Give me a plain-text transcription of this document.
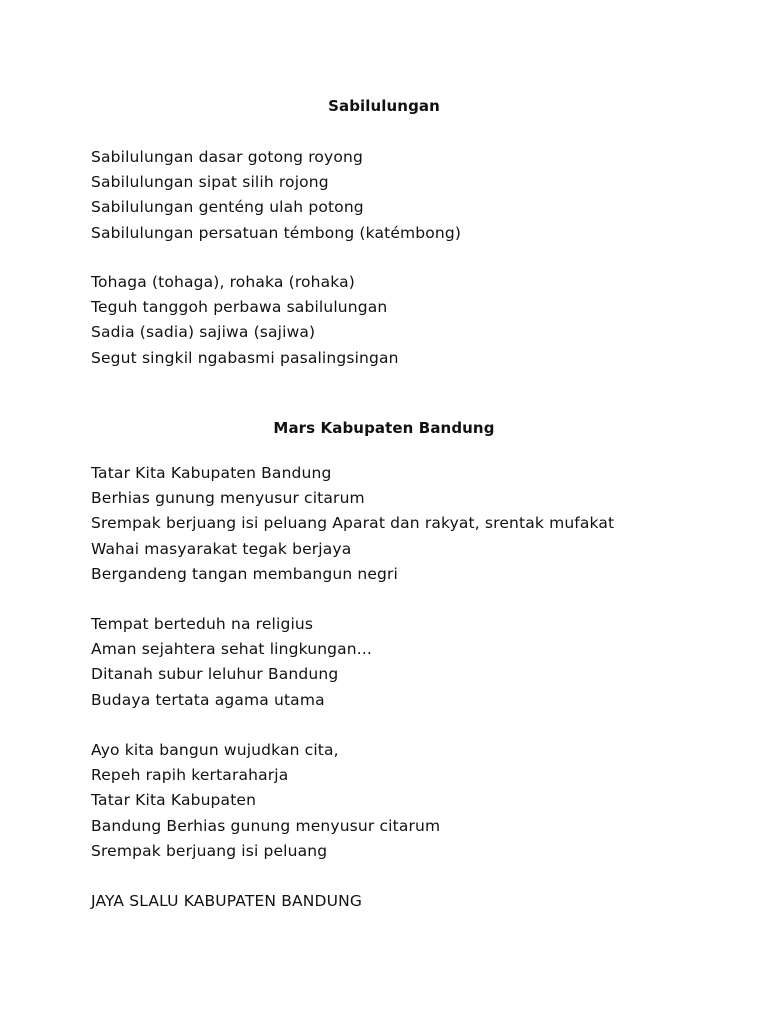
Sabilulungan
Sabilulungan dasar gotong royong
Sabilulungan sipat silih rojong
Sabilulungan genténg ulah potong
Sabilulungan persatuan témbong (katémbong)
Tohaga (tohaga), rohaka (rohaka)
Teguh tanggoh perbawa sabilulungan
Sadia (sadia) sajiwa (sajiwa)
Segut singkil ngabasmi pasalingsingan
Mars Kabupaten Bandung
Tatar Kita Kabupaten Bandung
Berhias gunung menyusur citarum
Srempak berjuang isi peluang Aparat dan rakyat, srentak mufakat
Wahai masyarakat tegak berjaya
Bergandeng tangan membangun negri
Tempat berteduh na religius
Aman sejahtera sehat lingkungan...
Ditanah subur leluhur Bandung
Budaya tertata agama utama
Ayo kita bangun wujudkan cita,
Repeh rapih kertaraharja
Tatar Kita Kabupaten
Bandung Berhias gunung menyusur citarum
Srempak berjuang isi peluang
JAYA SLALU KABUPATEN BANDUNG
